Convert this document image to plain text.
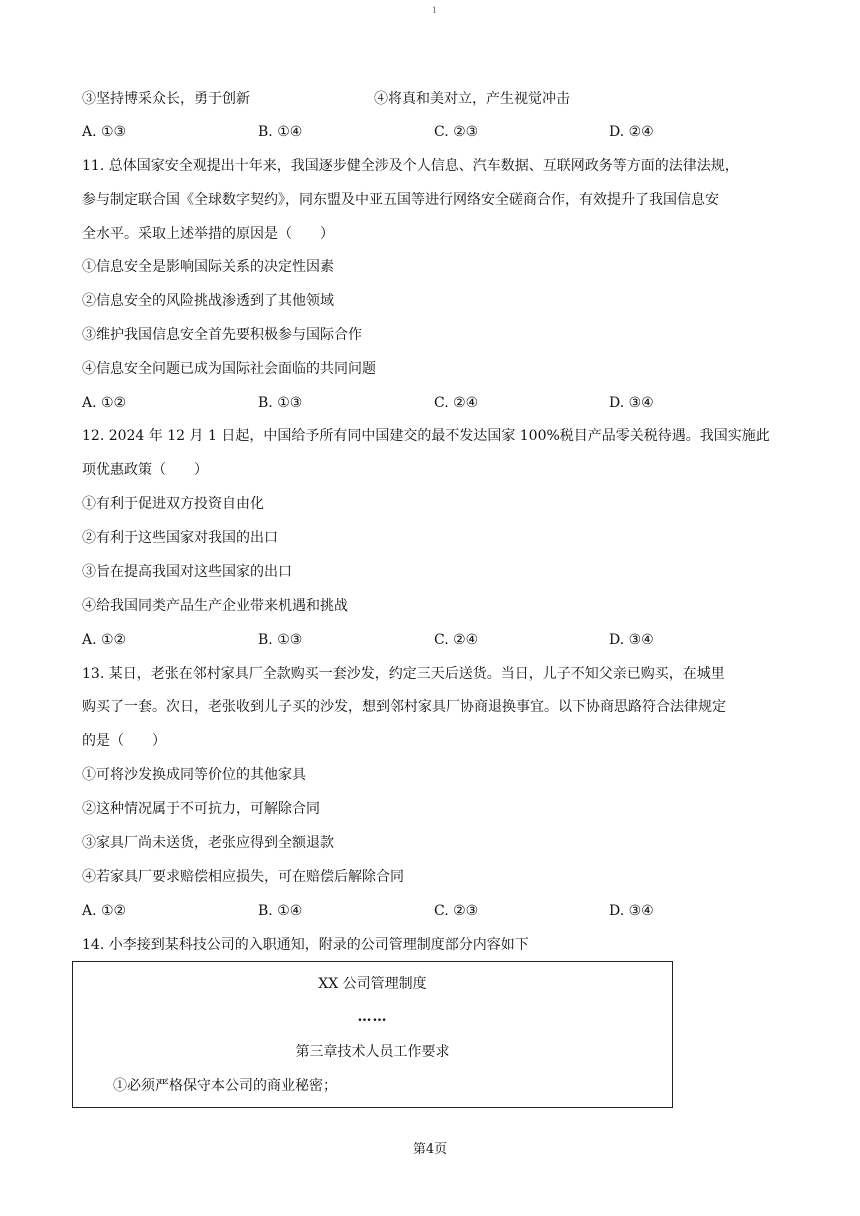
1
③坚持博采众长，勇于创新	④将真和美对立，产生视觉冲击
A. ①③	B. ①④	C. ②③	D. ②④
11. 总体国家安全观提出十年来，我国逐步健全涉及个人信息、汽车数据、互联网政务等方面的法律法规，
参与制定联合国《全球数字契约》，同东盟及中亚五国等进行网络安全磋商合作，有效提升了我国信息安
全水平。采取上述举措的原因是（　　）
①信息安全是影响国际关系的决定性因素
②信息安全的风险挑战渗透到了其他领域
③维护我国信息安全首先要积极参与国际合作
④信息安全问题已成为国际社会面临的共同问题
A. ①②	B. ①③	C. ②④	D. ③④
12. 2024 年 12 月 1 日起，中国给予所有同中国建交的最不发达国家 100%税目产品零关税待遇。我国实施此
项优惠政策（　　）
①有利于促进双方投资自由化
②有利于这些国家对我国的出口
③旨在提高我国对这些国家的出口
④给我国同类产品生产企业带来机遇和挑战
A. ①②	B. ①③	C. ②④	D. ③④
13. 某日，老张在邻村家具厂全款购买一套沙发，约定三天后送货。当日，儿子不知父亲已购买，在城里
购买了一套。次日，老张收到儿子买的沙发，想到邻村家具厂协商退换事宜。以下协商思路符合法律规定
的是（　　）
①可将沙发换成同等价位的其他家具
②这种情况属于不可抗力，可解除合同
③家具厂尚未送货，老张应得到全额退款
④若家具厂要求赔偿相应损失，可在赔偿后解除合同
A. ①②	B. ①④	C. ②③	D. ③④
14. 小李接到某科技公司的入职通知，附录的公司管理制度部分内容如下
XX 公司管理制度
……
第三章技术人员工作要求
①必须严格保守本公司的商业秘密；
第4页
